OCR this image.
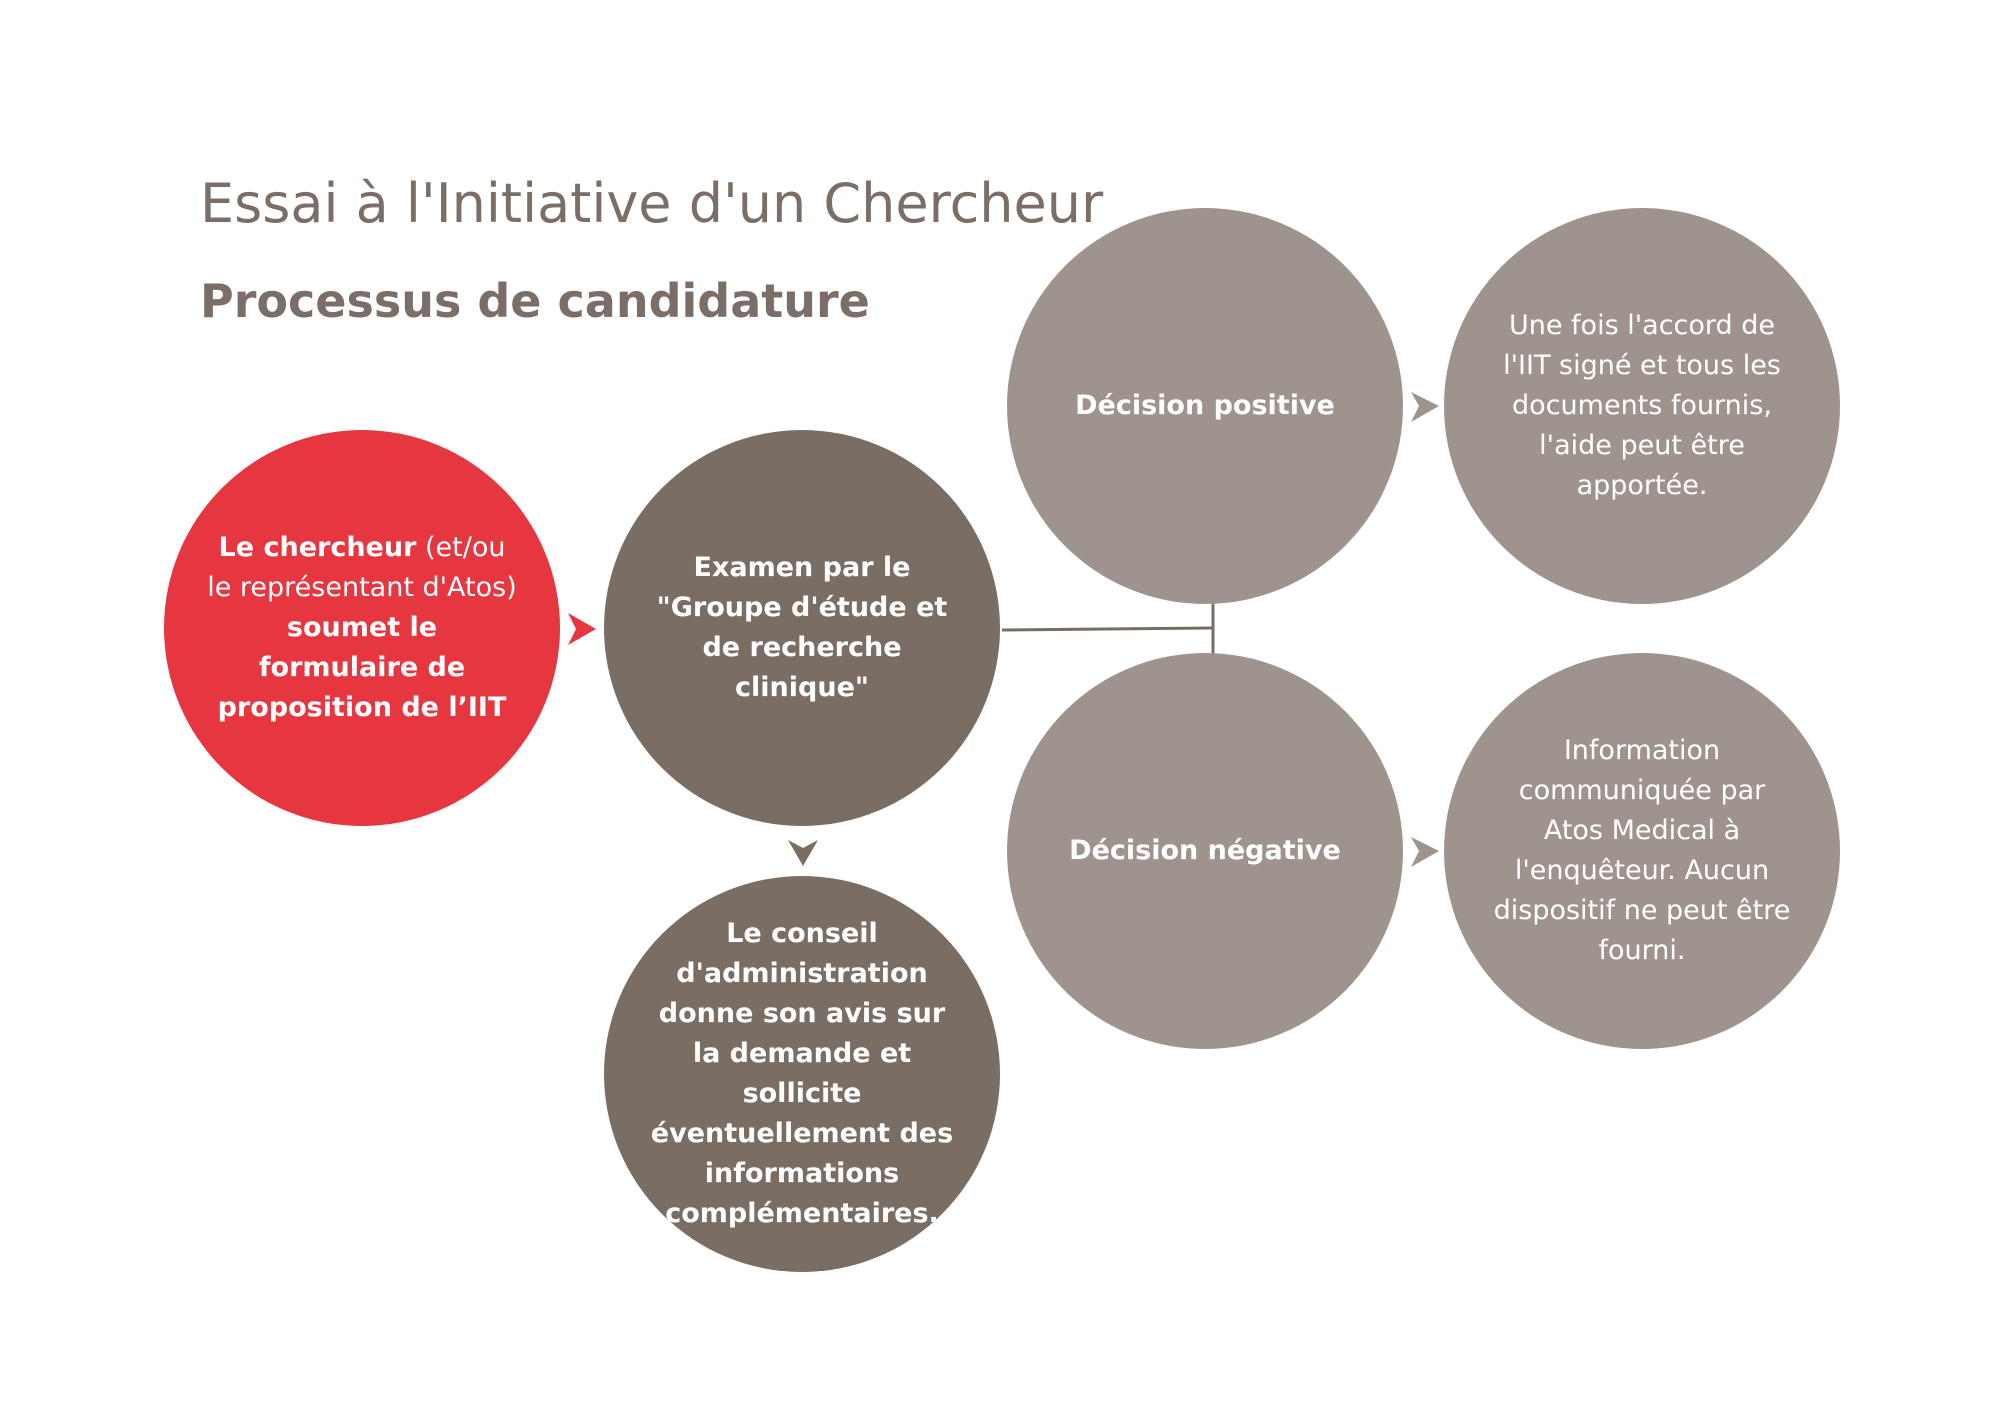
Essai à l'Initiative d'un Chercheur
Processus de candidature
Le chercheur (et/ou le représentant d'Atos) soumet le formulaire de proposition de l’IIT
Examen par le "Groupe d'étude et de recherche clinique"
Le conseil d'administration donne son avis sur la demande et sollicite éventuellement des informations complémentaires.
Décision positive
Décision négative
Une fois l'accord de l'IIT signé et tous les documents fournis, l'aide peut être apportée.
Information communiquée par Atos Medical à l'enquêteur. Aucun dispositif ne peut être fourni.
